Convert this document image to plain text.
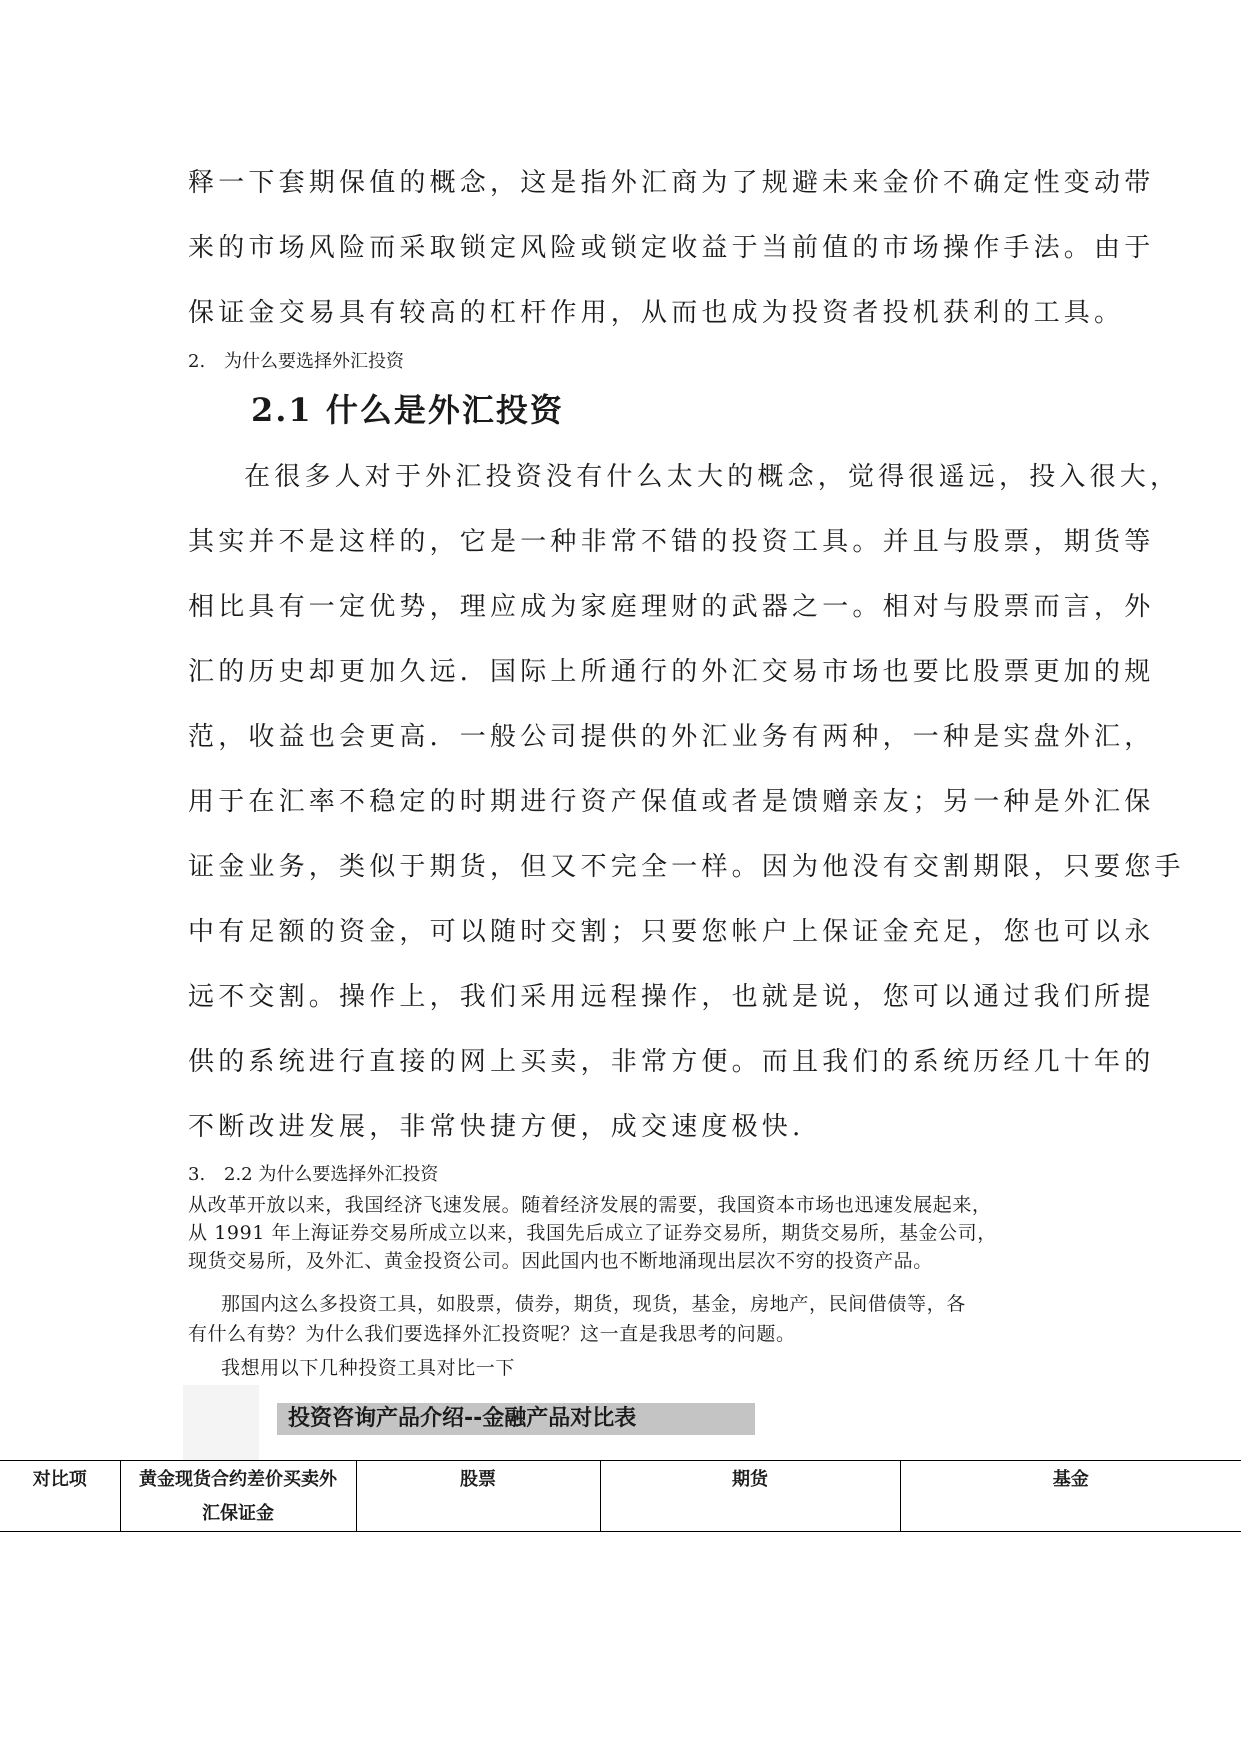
释一下套期保值的概念，这是指外汇商为了规避未来金价不确定性变动带
来的市场风险而采取锁定风险或锁定收益于当前值的市场操作手法。由于
保证金交易具有较高的杠杆作用，从而也成为投资者投机获利的工具。
2. 为什么要选择外汇投资
2.1 什么是外汇投资
在很多人对于外汇投资没有什么太大的概念，觉得很遥远，投入很大，
其实并不是这样的，它是一种非常不错的投资工具。并且与股票，期货等
相比具有一定优势，理应成为家庭理财的武器之一。相对与股票而言，外
汇的历史却更加久远．国际上所通行的外汇交易市场也要比股票更加的规
范，收益也会更高．一般公司提供的外汇业务有两种，一种是实盘外汇，
用于在汇率不稳定的时期进行资产保值或者是馈赠亲友；另一种是外汇保
证金业务，类似于期货，但又不完全一样。因为他没有交割期限，只要您手
中有足额的资金，可以随时交割；只要您帐户上保证金充足，您也可以永
远不交割。操作上，我们采用远程操作，也就是说，您可以通过我们所提
供的系统进行直接的网上买卖，非常方便。而且我们的系统历经几十年的
不断改进发展，非常快捷方便，成交速度极快.
3. 2.2 为什么要选择外汇投资
从改革开放以来，我国经济飞速发展。随着经济发展的需要，我国资本市场也迅速发展起来，
从 1991 年上海证券交易所成立以来，我国先后成立了证券交易所，期货交易所，基金公司，
现货交易所，及外汇、黄金投资公司。因此国内也不断地涌现出层次不穷的投资产品。
那国内这么多投资工具，如股票，债券，期货，现货，基金，房地产，民间借债等，各
有什么有势？为什么我们要选择外汇投资呢？这一直是我思考的问题。
我想用以下几种投资工具对比一下
投资咨询产品介绍--金融产品对比表
对比项	黄金现货合约差价买卖外汇保证金	股票	期货	基金
